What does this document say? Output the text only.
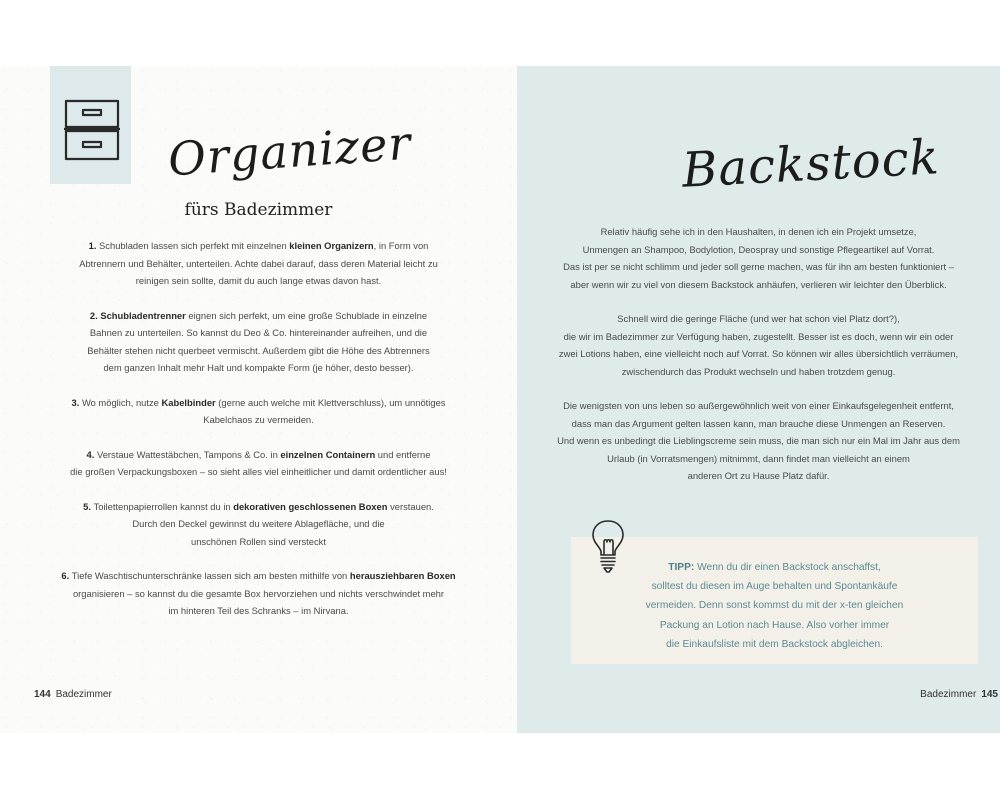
Organizer
fürs Badezimmer
1. Schubladen lassen sich perfekt mit einzelnen kleinen Organizern, in Form von
Abtrennern und Behälter, unterteilen. Achte dabei darauf, dass deren Material leicht zu
reinigen sein sollte, damit du auch lange etwas davon hast.
2. Schubladentrenner eignen sich perfekt, um eine große Schublade in einzelne
Bahnen zu unterteilen. So kannst du Deo & Co. hintereinander aufreihen, und die
Behälter stehen nicht querbeet vermischt. Außerdem gibt die Höhe des Abtrenners
dem ganzen Inhalt mehr Halt und kompakte Form (je höher, desto besser).
3. Wo möglich, nutze Kabelbinder (gerne auch welche mit Klettverschluss), um unnötiges
Kabelchaos zu vermeiden.
4. Verstaue Wattestäbchen, Tampons & Co. in einzelnen Containern und entferne
die großen Verpackungsboxen – so sieht alles viel einheitlicher und damit ordentlicher aus!
5. Toilettenpapierrollen kannst du in dekorativen geschlossenen Boxen verstauen.
Durch den Deckel gewinnst du weitere Ablagefläche, und die
unschönen Rollen sind versteckt
6. Tiefe Waschtischunterschränke lassen sich am besten mithilfe von herausziehbaren Boxen
organisieren – so kannst du die gesamte Box hervorziehen und nichts verschwindet mehr
im hinteren Teil des Schranks – im Nirvana.
144 Badezimmer
Backstock
Relativ häufig sehe ich in den Haushalten, in denen ich ein Projekt umsetze,
Unmengen an Shampoo, Bodylotion, Deospray und sonstige Pflegeartikel auf Vorrat.
Das ist per se nicht schlimm und jeder soll gerne machen, was für ihn am besten funktioniert –
aber wenn wir zu viel von diesem Backstock anhäufen, verlieren wir leichter den Überblick.
Schnell wird die geringe Fläche (und wer hat schon viel Platz dort?),
die wir im Badezimmer zur Verfügung haben, zugestellt. Besser ist es doch, wenn wir ein oder
zwei Lotions haben, eine vielleicht noch auf Vorrat. So können wir alles übersichtlich verräumen,
zwischendurch das Produkt wechseln und haben trotzdem genug.
Die wenigsten von uns leben so außergewöhnlich weit von einer Einkaufsgelegenheit entfernt,
dass man das Argument gelten lassen kann, man brauche diese Unmengen an Reserven.
Und wenn es unbedingt die Lieblingscreme sein muss, die man sich nur ein Mal im Jahr aus dem
Urlaub (in Vorratsmengen) mitnimmt, dann findet man vielleicht an einem
anderen Ort zu Hause Platz dafür.
TIPP: Wenn du dir einen Backstock anschaffst,
solltest du diesen im Auge behalten und Spontankäufe
vermeiden. Denn sonst kommst du mit der x-ten gleichen
Packung an Lotion nach Hause. Also vorher immer
die Einkaufsliste mit dem Backstock abgleichen.
Badezimmer 145
